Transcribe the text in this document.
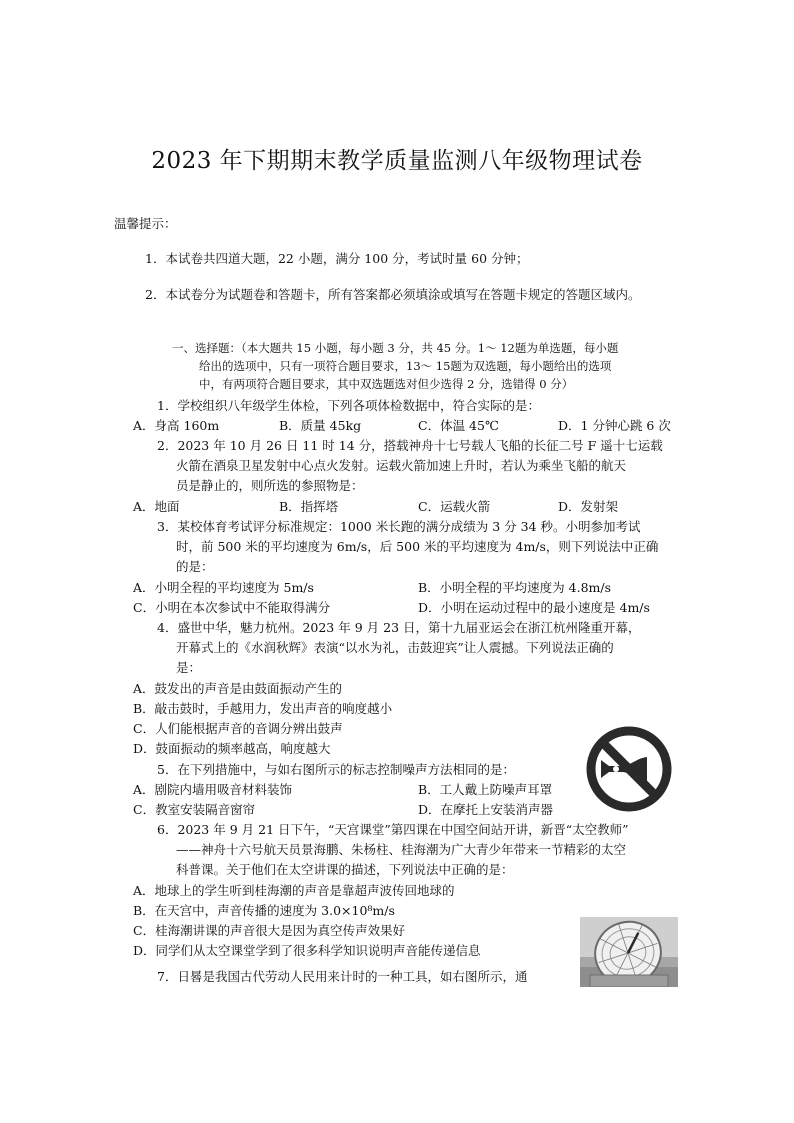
2023 年下期期末教学质量监测八年级物理试卷
温馨提示：
1．本试卷共四道大题，22 小题，满分 100 分，考试时量 60 分钟；
2．本试卷分为试题卷和答题卡，所有答案都必须填涂或填写在答题卡规定的答题区域内。
一、选择题：（本大题共 15 小题，每小题 3 分，共 45 分。1～ 12题为单选题，每小题
给出的选项中，只有一项符合题目要求，13～ 15题为双选题，每小题给出的选项
中，有两项符合题目要求，其中双选题选对但少选得 2 分，选错得 0 分）
1．学校组织八年级学生体检，下列各项体检数据中，符合实际的是：
A．身高 160m	B．质量 45kg	C．体温 45℃	D．1 分钟心跳 6 次
2．2023 年 10 月 26 日 11 时 14 分，搭载神舟十七号载人飞船的长征二号 F 遥十七运载
火箭在酒泉卫星发射中心点火发射。运载火箭加速上升时，若认为乘坐飞船的航天
员是静止的，则所选的参照物是：
A．地面	B．指挥塔	C．运载火箭	D．发射架
3．某校体育考试评分标准规定：1000 米长跑的满分成绩为 3 分 34 秒。小明参加考试
时，前 500 米的平均速度为 6m/s，后 500 米的平均速度为 4m/s，则下列说法中正确
的是：
A．小明全程的平均速度为 5m/s	B．小明全程的平均速度为 4.8m/s
C．小明在本次参试中不能取得满分	D．小明在运动过程中的最小速度是 4m/s
4．盛世中华，魅力杭州。2023 年 9 月 23 日，第十九届亚运会在浙江杭州隆重开幕，
开幕式上的《水润秋辉》表演“以水为礼，击鼓迎宾”让人震撼。下列说法正确的
是：
A．鼓发出的声音是由鼓面振动产生的
B．敲击鼓时，手越用力，发出声音的响度越小
C．人们能根据声音的音调分辨出鼓声
D．鼓面振动的频率越高，响度越大
5．在下列措施中，与如右图所示的标志控制噪声方法相同的是：
A．剧院内墙用吸音材料装饰	B．工人戴上防噪声耳罩
C．教室安装隔音窗帘	D．在摩托上安装消声器
6．2023 年 9 月 21 日下午，“天宫课堂”第四课在中国空间站开讲，新晋“太空教师”
——神舟十六号航天员景海鹏、朱杨柱、桂海潮为广大青少年带来一节精彩的太空
科普课。关于他们在太空讲课的描述，下列说法中正确的是：
A．地球上的学生听到桂海潮的声音是靠超声波传回地球的
B．在天宫中，声音传播的速度为 3.0×10⁸m/s
C．桂海潮讲课的声音很大是因为真空传声效果好
D．同学们从太空课堂学到了很多科学知识说明声音能传递信息
7．日晷是我国古代劳动人民用来计时的一种工具，如右图所示，通
